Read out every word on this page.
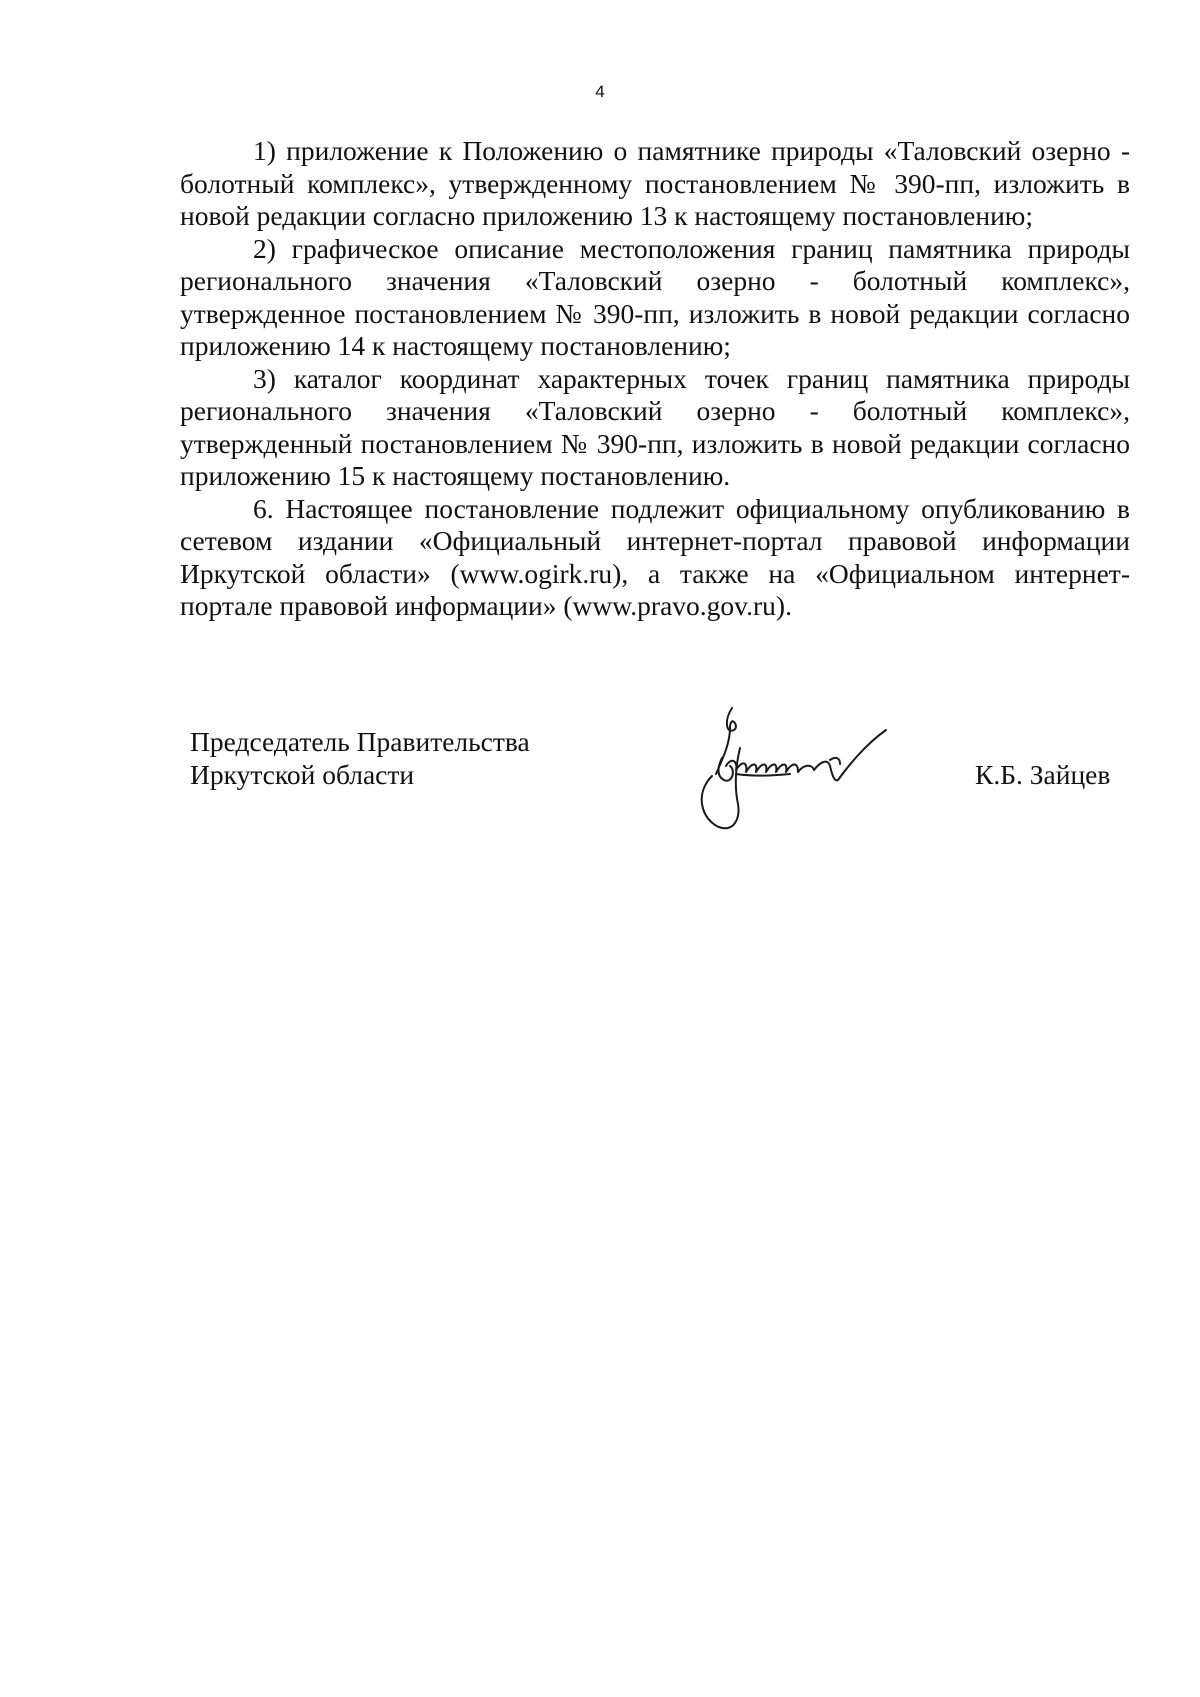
4

1) приложение к Положению о памятнике природы «Таловский озерно - болотный комплекс», утвержденному постановлением № 390-пп, изложить в новой редакции согласно приложению 13 к настоящему постановлению;

2) графическое описание местоположения границ памятника природы регионального значения «Таловский озерно - болотный комплекс», утвержденное постановлением № 390-пп, изложить в новой редакции согласно приложению 14 к настоящему постановлению;

3) каталог координат характерных точек границ памятника природы регионального значения «Таловский озерно - болотный комплекс», утвержденный постановлением № 390-пп, изложить в новой редакции согласно приложению 15 к настоящему постановлению.

6. Настоящее постановление подлежит официальному опубликованию в сетевом издании «Официальный интернет-портал правовой информации Иркутской области» (www.ogirk.ru), а также на «Официальном интернет-портале правовой информации» (www.pravo.gov.ru).

Председатель Правительства
Иркутской области	К.Б. Зайцев
